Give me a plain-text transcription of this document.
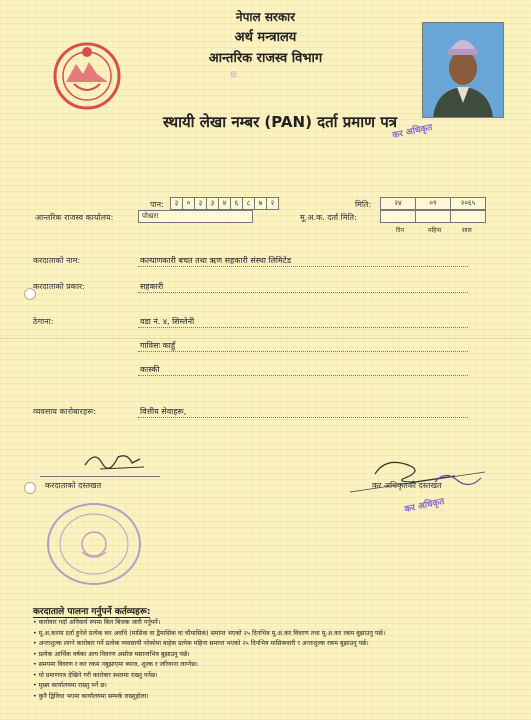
नेपाल सरकार
अर्थ मन्त्रालय
आन्तरिक राजस्व विभाग
⊙
कर अधिकृत
स्थायी लेखा नम्बर (PAN) दर्ता प्रमाण पत्र
पान:	३	०	३	३	४	६	८	७	२	मिति:	२४	०९	२०६५
आन्तरिक राजस्व कार्यालय:	पोखरा	मू.अ.क. दर्ता मिति:
दिन	महिना	साल
करदाताको नाम:	कल्याणकारी बचत तथा ऋण सहकारी संस्था लिमिटेड
करदाताको प्रकार:	सहकारी
ठेगाना:	वडा नं. ४, सिम्लेनी
गाविसः काहुँ
कास्की
व्यवसाय कारोबारहरू:	वित्तीय सेवाहरू,
करदाताको दस्तखत	कर अधिकृतको दस्तखत
कर अधिकृत
करदाताले पालना गर्नुपर्ने कर्तव्यहरू:
• कारोवार गर्दा अनिवार्य रुपमा बिल बिजक जारी गर्नुपर्ने।
• मू.अ.करमा दर्ता हुनेले प्रत्येक कर अवधि (मासिक वा द्वैमासिक वा चौमासिक) समाप्त भएको २५ दिनभित्र मू.अ.कर विवरण तथा मू.अ.कर रकम बुझाउनु पर्छ।
• अन्तःशुल्क लाग्ने कारोबार गर्ने प्रत्येक व्यवसायी नरेकोमा बाहेक प्रत्येक महिना समाप्त भएको २५ दिनभित्र मासिकवारी र अन्तःशुल्क रकम बुझाउनु पर्छ।
• प्रत्येक आर्थिक वर्षका आय विवरण असोज मसान्तभित्र बुझाउनु पर्छ।
• समयमा विवरण र कर रकम नबुझाएमा ब्याज, शुल्क र जरिवाना लाग्नेछ।
• यो प्रमाणपत्र देखिने गरी कारोबार स्थलमा राख्नु पर्नेछ।
• मुख्य कार्यालयमा राख्नु पर्ने छ।
• कुनै द्विविधा भएमा कार्यालयमा सम्पर्क राख्नुहोला।
